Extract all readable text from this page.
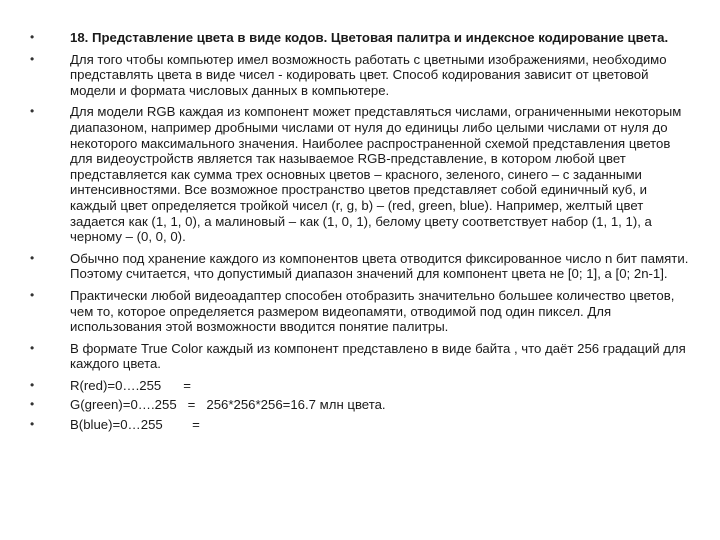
•	18. Представление цвета в виде кодов. Цветовая палитра и индексное кодирование цвета.
•	Для того чтобы компьютер имел возможность работать с цветными изображениями, необходимо представлять цвета в виде чисел - кодировать цвет. Способ кодирования зависит от цветовой модели и формата числовых данных в компьютере.
•	Для модели RGB каждая из компонент может представляться числами, ограниченными некоторым диапазоном, например дробными числами от нуля до единицы либо целыми числами от нуля до некоторого максимального значения. Наиболее распространенной схемой представления цветов для видеоустройств является так называемое RGB-представление, в котором любой цвет представляется как сумма трех основных цветов – красного, зеленого, синего – с заданными интенсивностями. Все возможное пространство цветов представляет собой единичный куб, и каждый цвет определяется тройкой чисел (r, g, b) – (red, green, blue). Например, желтый цвет задается как (1, 1, 0), а малиновый – как (1, 0, 1), белому цвету соответствует набор (1, 1, 1), а черному – (0, 0, 0).
•	Обычно под хранение каждого из компонентов цвета отводится фиксированное число n бит памяти. Поэтому считается, что допустимый диапазон значений для компонент цвета не [0; 1], а [0; 2n-1].
•	Практически любой видеоадаптер способен отобразить значительно большее количество цветов, чем то, которое определяется размером видеопамяти, отводимой под один пиксел. Для использования этой возможности вводится понятие палитры.
•	В формате True Color каждый из компонент представлено в виде байта , что даёт 256 градаций для каждого цвета.
•	R(red)=0….255 =
•	G(green)=0….255 = 256*256*256=16.7 млн цвета.
•	B(blue)=0…255 =
